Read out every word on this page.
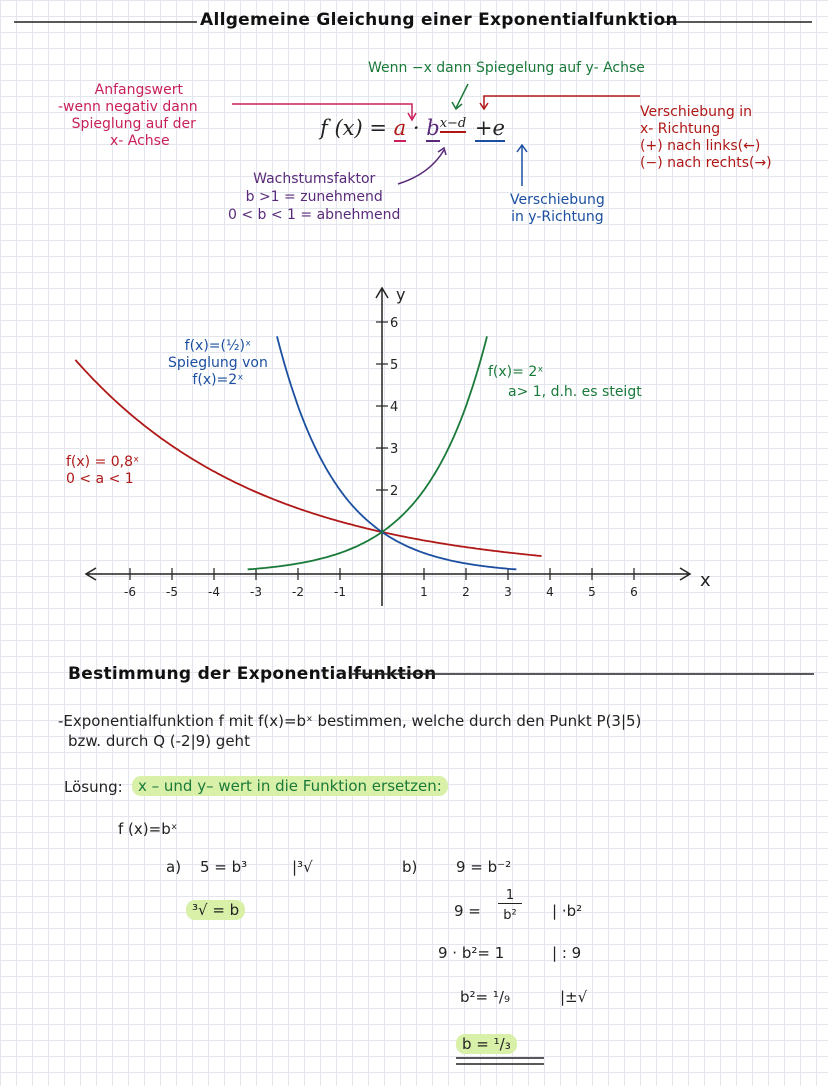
Allgemeine Gleichung einer Exponentialfunktion
Wenn −x dann Spiegelung auf y- Achse
Anfangswert
-wenn negativ dann
Spieglung auf der
x- Achse
f $(x) = a \cdot b^{x-d} +e$
Verschiebung in
x- Richtung
(+) nach links(←)
(−) nach rechts(→)
Wachstumsfaktor
b >1 = zunehmend
0 < b < 1 = abnehmend
Verschiebung
in y-Richtung
x
y
-6	-5	-4	-3	-2	-1	1	2	3	4	5	6
2
3
4
5
6
f(x)=(½)ˣ
Spieglung von
f(x)=2ˣ	f(x)= 2ˣ
a> 1, d.h. es steigt
f(x) = 0,8ˣ
0 < a < 1
Bestimmung der Exponentialfunktion
-Exponentialfunktion f mit f(x)=bˣ bestimmen, welche durch den Punkt P(3|5)
bzw. durch Q (-2|9) geht
Lösung:	x – und y– wert in die Funktion ersetzen:
f (x)=bˣ
a) 5 = b³	|³√
³√ = b
b)	9 = b⁻²
9 =
1
b²	| ·b²
9 · b²= 1	| : 9
b²= ¹/₉	|±√
b = ¹/₃
